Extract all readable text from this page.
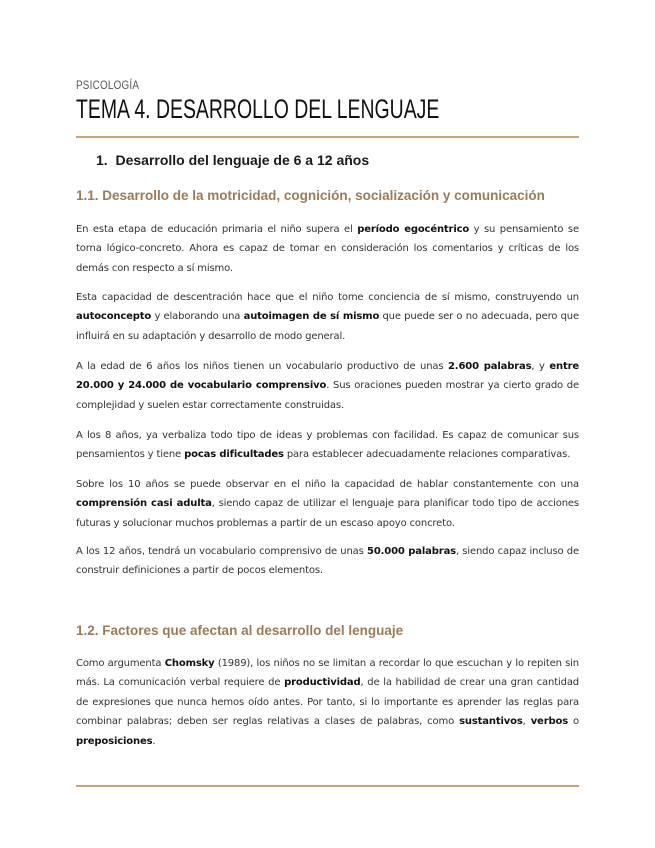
PSICOLOGÍA
TEMA 4. DESARROLLO DEL LENGUAJE
1. Desarrollo del lenguaje de 6 a 12 años
1.1. Desarrollo de la motricidad, cognición, socialización y comunicación

En esta etapa de educación primaria el niño supera el período egocéntrico y su pensamiento se torna lógico-concreto. Ahora es capaz de tomar en consideración los comentarios y críticas de los demás con respecto a sí mismo.

Esta capacidad de descentración hace que el niño tome conciencia de sí mismo, construyendo un autoconcepto y elaborando una autoimagen de sí mismo que puede ser o no adecuada, pero que influirá en su adaptación y desarrollo de modo general.

A la edad de 6 años los niños tienen un vocabulario productivo de unas 2.600 palabras, y entre 20.000 y 24.000 de vocabulario comprensivo. Sus oraciones pueden mostrar ya cierto grado de complejidad y suelen estar correctamente construidas.

A los 8 años, ya verbaliza todo tipo de ideas y problemas con facilidad. Es capaz de comunicar sus pensamientos y tiene pocas dificultades para establecer adecuadamente relaciones comparativas.

Sobre los 10 años se puede observar en el niño la capacidad de hablar constantemente con una comprensión casi adulta, siendo capaz de utilizar el lenguaje para planificar todo tipo de acciones futuras y solucionar muchos problemas a partir de un escaso apoyo concreto.

A los 12 años, tendrá un vocabulario comprensivo de unas 50.000 palabras, siendo capaz incluso de construir definiciones a partir de pocos elementos.

1.2. Factores que afectan al desarrollo del lenguaje

Como argumenta Chomsky (1989), los niños no se limitan a recordar lo que escuchan y lo repiten sin más. La comunicación verbal requiere de productividad, de la habilidad de crear una gran cantidad de expresiones que nunca hemos oído antes. Por tanto, si lo importante es aprender las reglas para combinar palabras; deben ser reglas relativas a clases de palabras, como sustantivos, verbos o preposiciones.
